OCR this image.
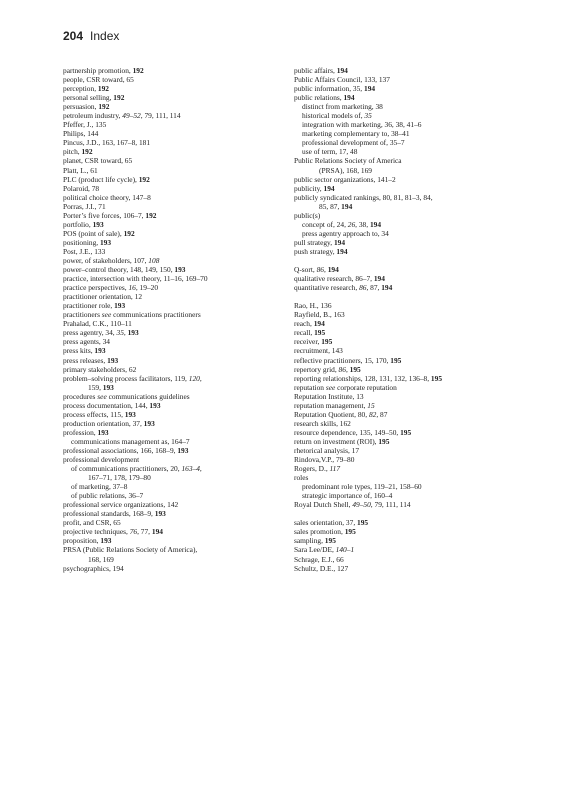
204 Index
partnership promotion, 192
people, CSR toward, 65
perception, 192
personal selling, 192
persuasion, 192
petroleum industry, 49–52, 79, 111, 114
Pfeffer, J., 135
Philips, 144
Pincus, J.D., 163, 167–8, 181
pitch, 192
planet, CSR toward, 65
Platt, L., 61
PLC (product life cycle), 192
Polaroid, 78
political choice theory, 147–8
Porras, J.I., 71
Porter’s five forces, 106–7, 192
portfolio, 193
POS (point of sale), 192
positioning, 193
Post, J.E., 133
power, of stakeholders, 107, 108
power–control theory, 148, 149, 150, 193
practice, intersection with theory, 11–16, 169–70
practice perspectives, 16, 19–20
practitioner orientation, 12
practitioner role, 193
practitioners see communications practitioners
Prahalad, C.K., 110–11
press agentry, 34, 35, 193
press agents, 34
press kits, 193
press releases, 193
primary stakeholders, 62
problem–solving process facilitators, 119, 120,
159, 193
procedures see communications guidelines
process documentation, 144, 193
process effects, 115, 193
production orientation, 37, 193
profession, 193
communications management as, 164–7
professional associations, 166, 168–9, 193
professional development
of communications practitioners, 20, 163–4,
167–71, 178, 179–80
of marketing, 37–8
of public relations, 36–7
professional service organizations, 142
professional standards, 168–9, 193
profit, and CSR, 65
projective techniques, 76, 77, 194
proposition, 193
PRSA (Public Relations Society of America),
168, 169
psychographics, 194
public affairs, 194
Public Affairs Council, 133, 137
public information, 35, 194
public relations, 194
distinct from marketing, 38
historical models of, 35
integration with marketing, 36, 38, 41–6
marketing complementary to, 38–41
professional development of, 35–7
use of term, 17, 48
Public Relations Society of America
(PRSA), 168, 169
public sector organizations, 141–2
publicity, 194
publicly syndicated rankings, 80, 81, 81–3, 84,
85, 87, 194
public(s)
concept of, 24, 26, 38, 194
press agentry approach to, 34
pull strategy, 194
push strategy, 194
Q-sort, 86, 194
qualitative research, 86–7, 194
quantitative research, 86, 87, 194
Rao, H., 136
Rayfield, B., 163
reach, 194
recall, 195
receiver, 195
recruitment, 143
reflective practitioners, 15, 170, 195
repertory grid, 86, 195
reporting relationships, 128, 131, 132, 136–8, 195
reputation see corporate reputation
Reputation Institute, 13
reputation management, 15
Reputation Quotient, 80, 82, 87
research skills, 162
resource dependence, 135, 149–50, 195
return on investment (ROI), 195
rhetorical analysis, 17
Rindova,V.P., 79–80
Rogers, D., 117
roles
predominant role types, 119–21, 158–60
strategic importance of, 160–4
Royal Dutch Shell, 49–50, 79, 111, 114
sales orientation, 37, 195
sales promotion, 195
sampling, 195
Sara Lee/DE, 140–1
Schrage, E.J., 66
Schultz, D.E., 127
